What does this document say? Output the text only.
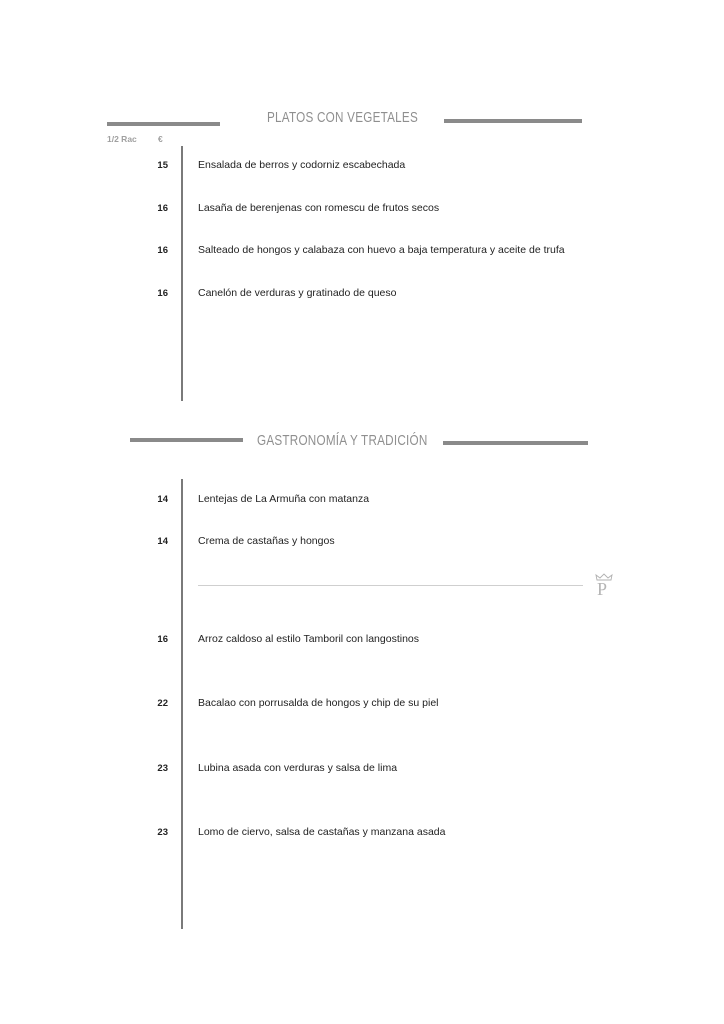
PLATOS CON VEGETALES
1/2 Rac €
15	Ensalada de berros y codorniz escabechada
16	Lasaña de berenjenas con romescu de frutos secos
16	Salteado de hongos y calabaza con huevo a baja temperatura y aceite de trufa
16	Canelón de verduras y gratinado de queso
GASTRONOMÍA Y TRADICIÓN
14	Lentejas de La Armuña con matanza
14	Crema de castañas y hongos
P
16	Arroz caldoso al estilo Tamboril con langostinos
22	Bacalao con porrusalda de hongos y chip de su piel
23	Lubina asada con verduras y salsa de lima
23	Lomo de ciervo, salsa de castañas y manzana asada
